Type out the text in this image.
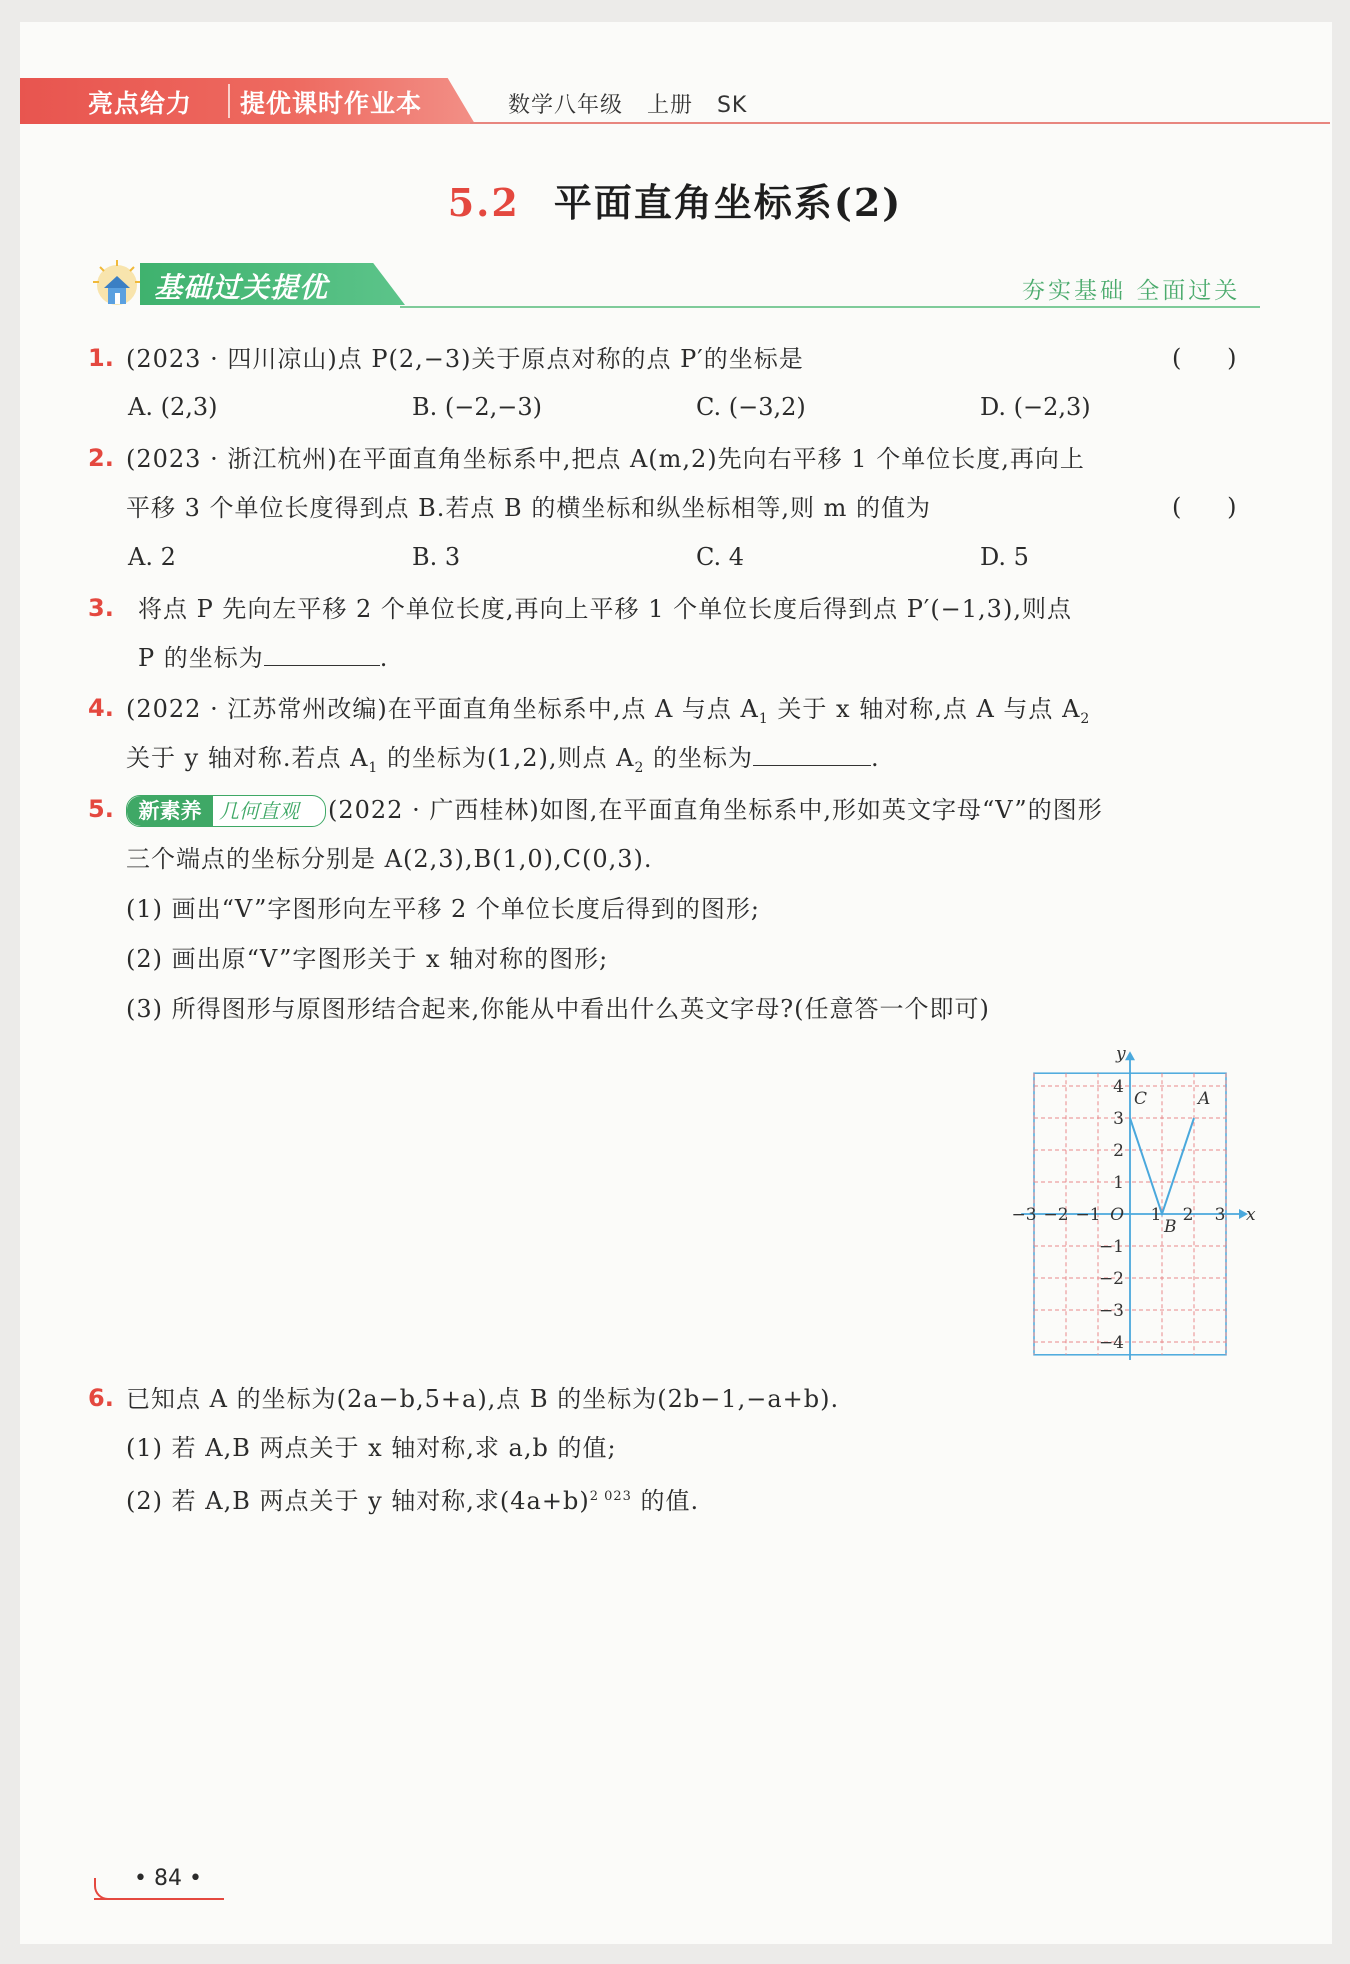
亮点给力 提优课时作业本	数学八年级   上册   SK
5.2 平面直角坐标系(2)
基础过关提优	夯实基础 全面过关
1. (2023 · 四川凉山)点 P(2,−3)关于原点对称的点 P′的坐标是	(      )
A. (2,3)	B. (−2,−3)	C. (−3,2)	D. (−2,3)
2. (2023 · 浙江杭州)在平面直角坐标系中,把点 A(m,2)先向右平移 1 个单位长度,再向上
平移 3 个单位长度得到点 B.若点 B 的横坐标和纵坐标相等,则 m 的值为	(      )
A. 2	B. 3	C. 4	D. 5
3. 将点 P 先向左平移 2 个单位长度,再向上平移 1 个单位长度后得到点 P′(−1,3),则点
P 的坐标为	.
4. (2022 · 江苏常州改编)在平面直角坐标系中,点 A 与点 $A_1$ 关于 x 轴对称,点 A 与点 $A_2$
关于 y 轴对称.若点 $A_1$ 的坐标为(1,2),则点 $A_2$ 的坐标为	.
5.	新素养 几何直观 (2022 · 广西桂林)如图,在平面直角坐标系中,形如英文字母“V”的图形
三个端点的坐标分别是 A(2,3),B(1,0),C(0,3).
(1) 画出“V”字图形向左平移 2 个单位长度后得到的图形;
(2) 画出原“V”字图形关于 x 轴对称的图形;
(3) 所得图形与原图形结合起来,你能从中看出什么英文字母?(任意答一个即可)
A
B
C
−3 −2 −1	1 2 3
4
3
2
1
−1
−2
−3
−4
O	x
y
6. 已知点 A 的坐标为(2a−b,5+a),点 B 的坐标为(2b−1,−a+b).
(1) 若 A,B 两点关于 x 轴对称,求 a,b 的值;
(2) 若 A,B 两点关于 y 轴对称,求$(4a+b)^{2 023}$ 的值.
• 84 •
